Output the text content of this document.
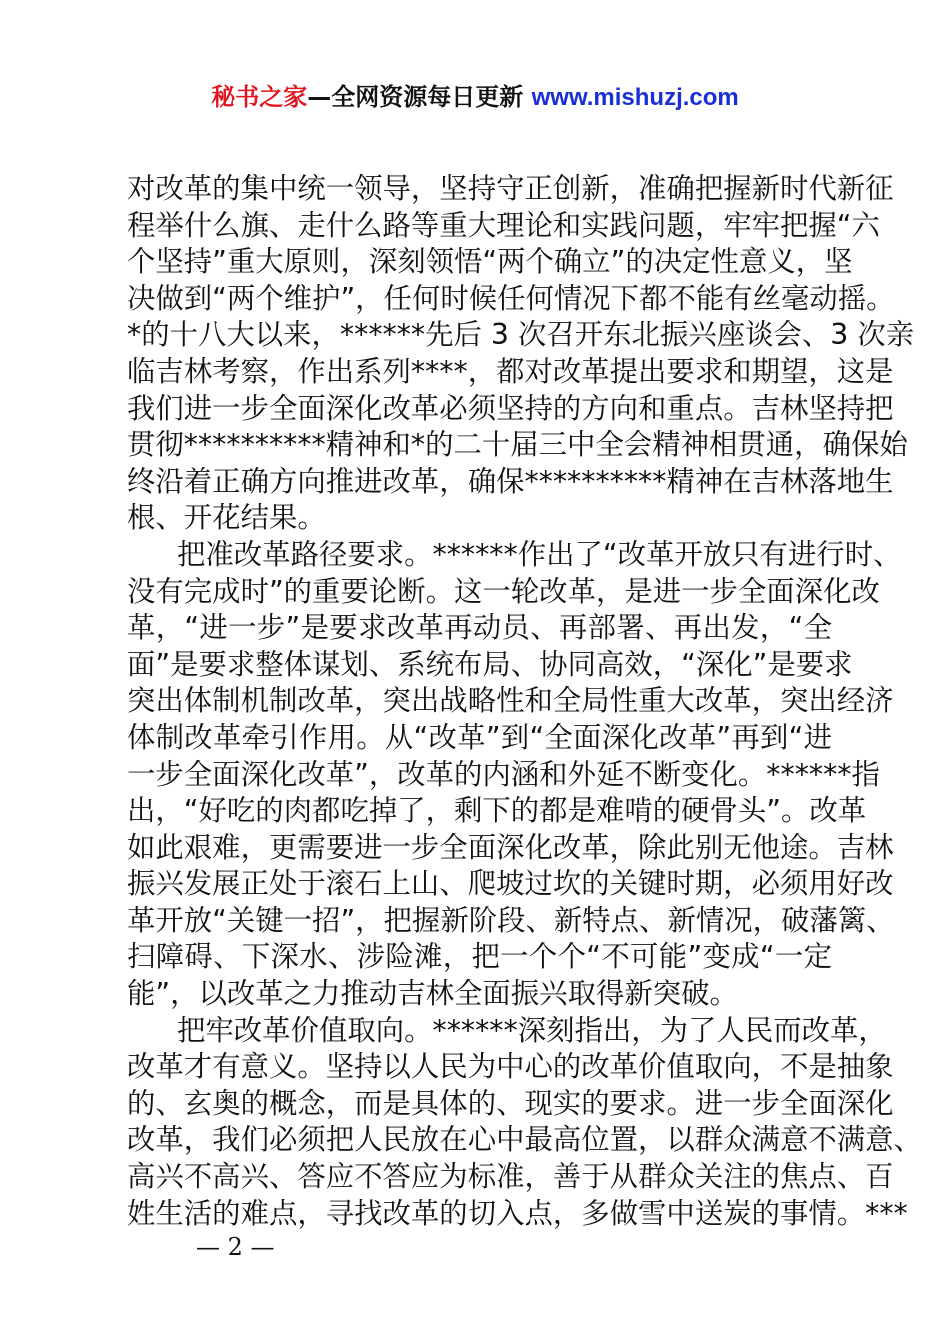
秘书之家—全网资源每日更新 www.mishuzj.com
对改革的集中统一领导，坚持守正创新，准确把握新时代新征
程举什么旗、走什么路等重大理论和实践问题，牢牢把握“六
个坚持”重大原则，深刻领悟“两个确立”的决定性意义，坚
决做到“两个维护”，任何时候任何情况下都不能有丝毫动摇。
*的十八大以来，******先后 3 次召开东北振兴座谈会、3 次亲
临吉林考察，作出系列****，都对改革提出要求和期望，这是
我们进一步全面深化改革必须坚持的方向和重点。吉林坚持把
贯彻**********精神和*的二十届三中全会精神相贯通，确保始
终沿着正确方向推进改革，确保**********精神在吉林落地生
根、开花结果。
把准改革路径要求。******作出了“改革开放只有进行时、
没有完成时”的重要论断。这一轮改革，是进一步全面深化改
革，“进一步”是要求改革再动员、再部署、再出发，“全
面”是要求整体谋划、系统布局、协同高效，“深化”是要求
突出体制机制改革，突出战略性和全局性重大改革，突出经济
体制改革牵引作用。从“改革”到“全面深化改革”再到“进
一步全面深化改革”，改革的内涵和外延不断变化。******指
出，“好吃的肉都吃掉了，剩下的都是难啃的硬骨头”。改革
如此艰难，更需要进一步全面深化改革，除此别无他途。吉林
振兴发展正处于滚石上山、爬坡过坎的关键时期，必须用好改
革开放“关键一招”，把握新阶段、新特点、新情况，破藩篱、
扫障碍、下深水、涉险滩，把一个个“不可能”变成“一定
能”，以改革之力推动吉林全面振兴取得新突破。
把牢改革价值取向。******深刻指出，为了人民而改革，
改革才有意义。坚持以人民为中心的改革价值取向，不是抽象
的、玄奥的概念，而是具体的、现实的要求。进一步全面深化
改革，我们必须把人民放在心中最高位置，以群众满意不满意、
高兴不高兴、答应不答应为标准，善于从群众关注的焦点、百
姓生活的难点，寻找改革的切入点，多做雪中送炭的事情。***
— 2 —
